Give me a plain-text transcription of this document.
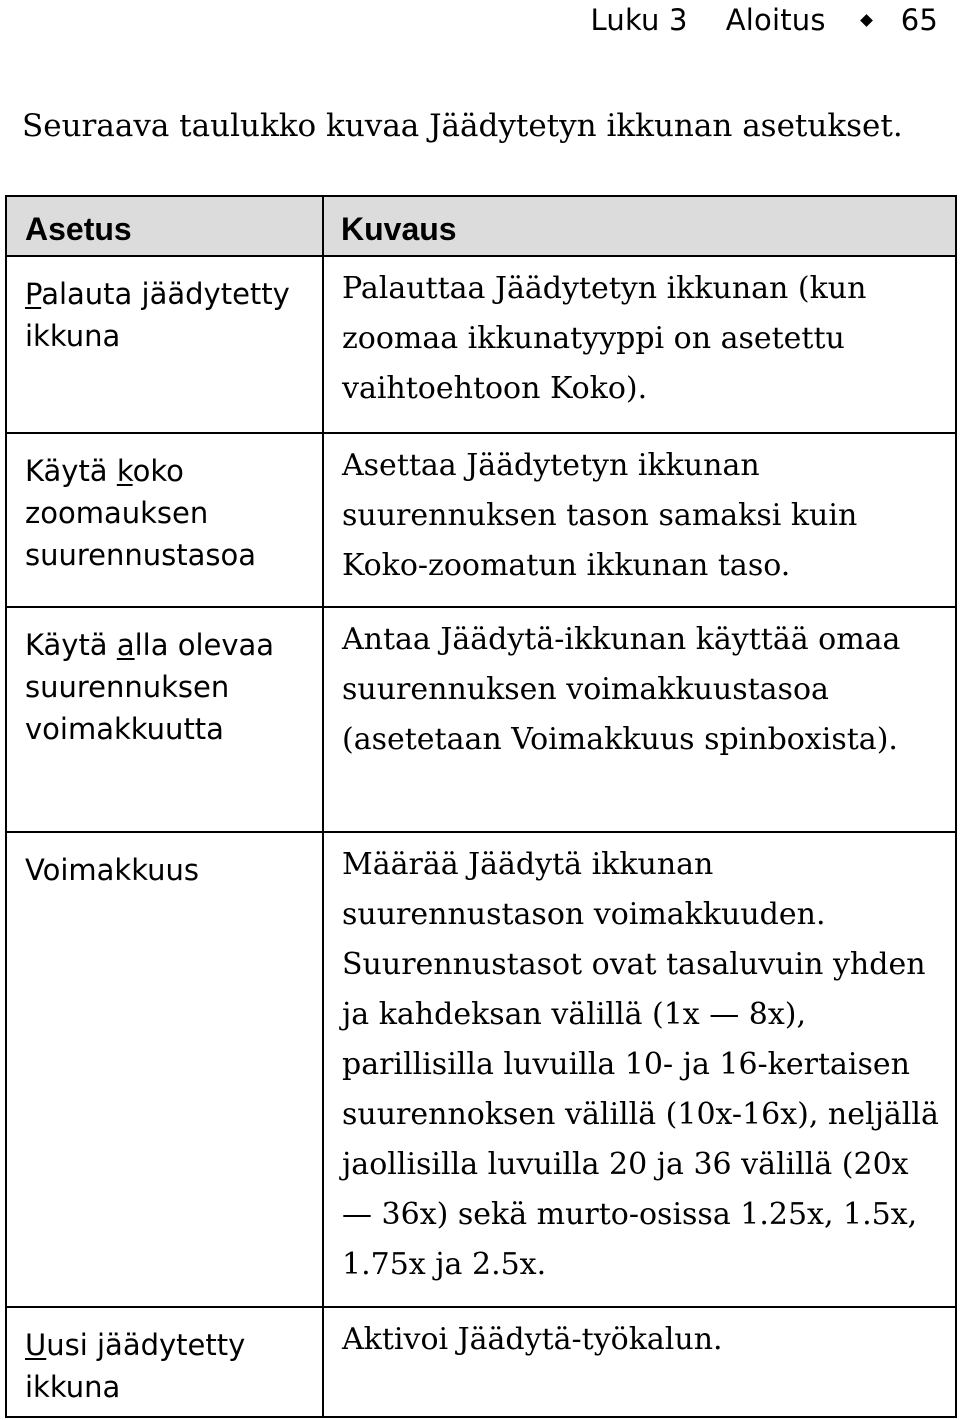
Luku 3 Aloitus	65
Seuraava taulukko kuvaa Jäädytetyn ikkunan asetukset.
Asetus	Kuvaus
Palauta jäädytetty ikkuna	Palauttaa Jäädytetyn ikkunan (kun zoomaa ikkunatyyppi on asetettu vaihtoehtoon Koko).
Käytä koko zoomauksen suurennustasoa	Asettaa Jäädytetyn ikkunan suurennuksen tason samaksi kuin Koko-zoomatun ikkunan taso.
Käytä alla olevaa suurennuksen voimakkuutta	Antaa Jäädytä-ikkunan käyttää omaa suurennuksen voimakkuustasoa (asetetaan Voimakkuus spinboxista).
Voimakkuus	Määrää Jäädytä ikkunan suurennustason voimakkuuden. Suurennustasot ovat tasaluvuin yhden ja kahdeksan välillä (1x — 8x), parillisilla luvuilla 10- ja 16-kertaisen suurennoksen välillä (10x-16x), neljällä jaollisilla luvuilla 20 ja 36 välillä (20x — 36x) sekä murto-osissa 1.25x, 1.5x, 1.75x ja 2.5x.
Uusi jäädytetty ikkuna	Aktivoi Jäädytä-työkalun.
